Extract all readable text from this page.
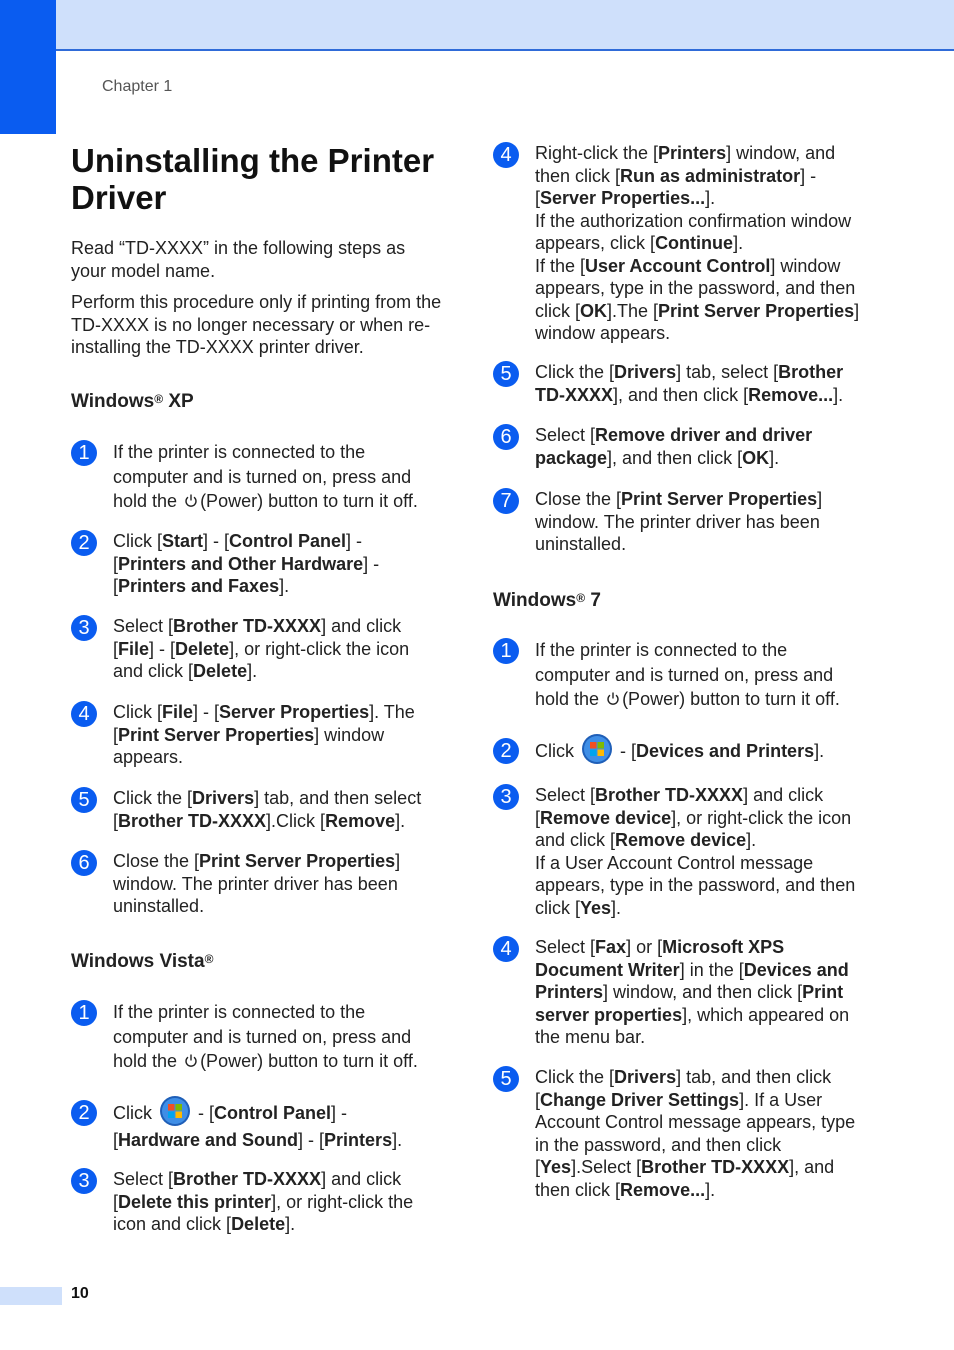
Chapter 1
Uninstalling the Printer Driver

Read “TD-XXXX” in the following steps as your model name.

Perform this procedure only if printing from the TD-XXXX is no longer necessary or when re-installing the TD-XXXX printer driver.

Windows® XP
1	If the printer is connected to the computer and is turned on, press and hold the (Power) button to turn it off.
2	Click [Start] - [Control Panel] - [Printers and Other Hardware] - [Printers and Faxes].
3	Select [Brother TD-XXXX] and click [File] - [Delete], or right-click the icon and click [Delete].
4	Click [File] - [Server Properties]. The [Print Server Properties] window appears.
5	Click the [Drivers] tab, and then select [Brother TD-XXXX].Click [Remove].
6	Close the [Print Server Properties] window. The printer driver has been uninstalled.
Windows Vista®
1	If the printer is connected to the computer and is turned on, press and hold the (Power) button to turn it off.
2	Click  - [Control Panel] - [Hardware and Sound] - [Printers].
3	Select [Brother TD-XXXX] and click [Delete this printer], or right-click the icon and click [Delete].
4	Right-click the [Printers] window, and then click [Run as administrator] - [Server Properties...].
If the authorization confirmation window appears, click [Continue].
If the [User Account Control] window appears, type in the password, and then click [OK].The [Print Server Properties] window appears.
5	Click the [Drivers] tab, select [Brother TD-XXXX], and then click [Remove...].
6	Select [Remove driver and driver package], and then click [OK].
7	Close the [Print Server Properties] window. The printer driver has been uninstalled.
Windows® 7
1	If the printer is connected to the computer and is turned on, press and hold the (Power) button to turn it off.
2	Click  - [Devices and Printers].
3	Select [Brother TD-XXXX] and click [Remove device], or right-click the icon and click [Remove device].
If a User Account Control message appears, type in the password, and then click [Yes].
4	Select [Fax] or [Microsoft XPS Document Writer] in the [Devices and Printers] window, and then click [Print server properties], which appeared on the menu bar.
5	Click the [Drivers] tab, and then click [Change Driver Settings]. If a User Account Control message appears, type in the password, and then click [Yes].Select [Brother TD-XXXX], and then click [Remove...].
10
